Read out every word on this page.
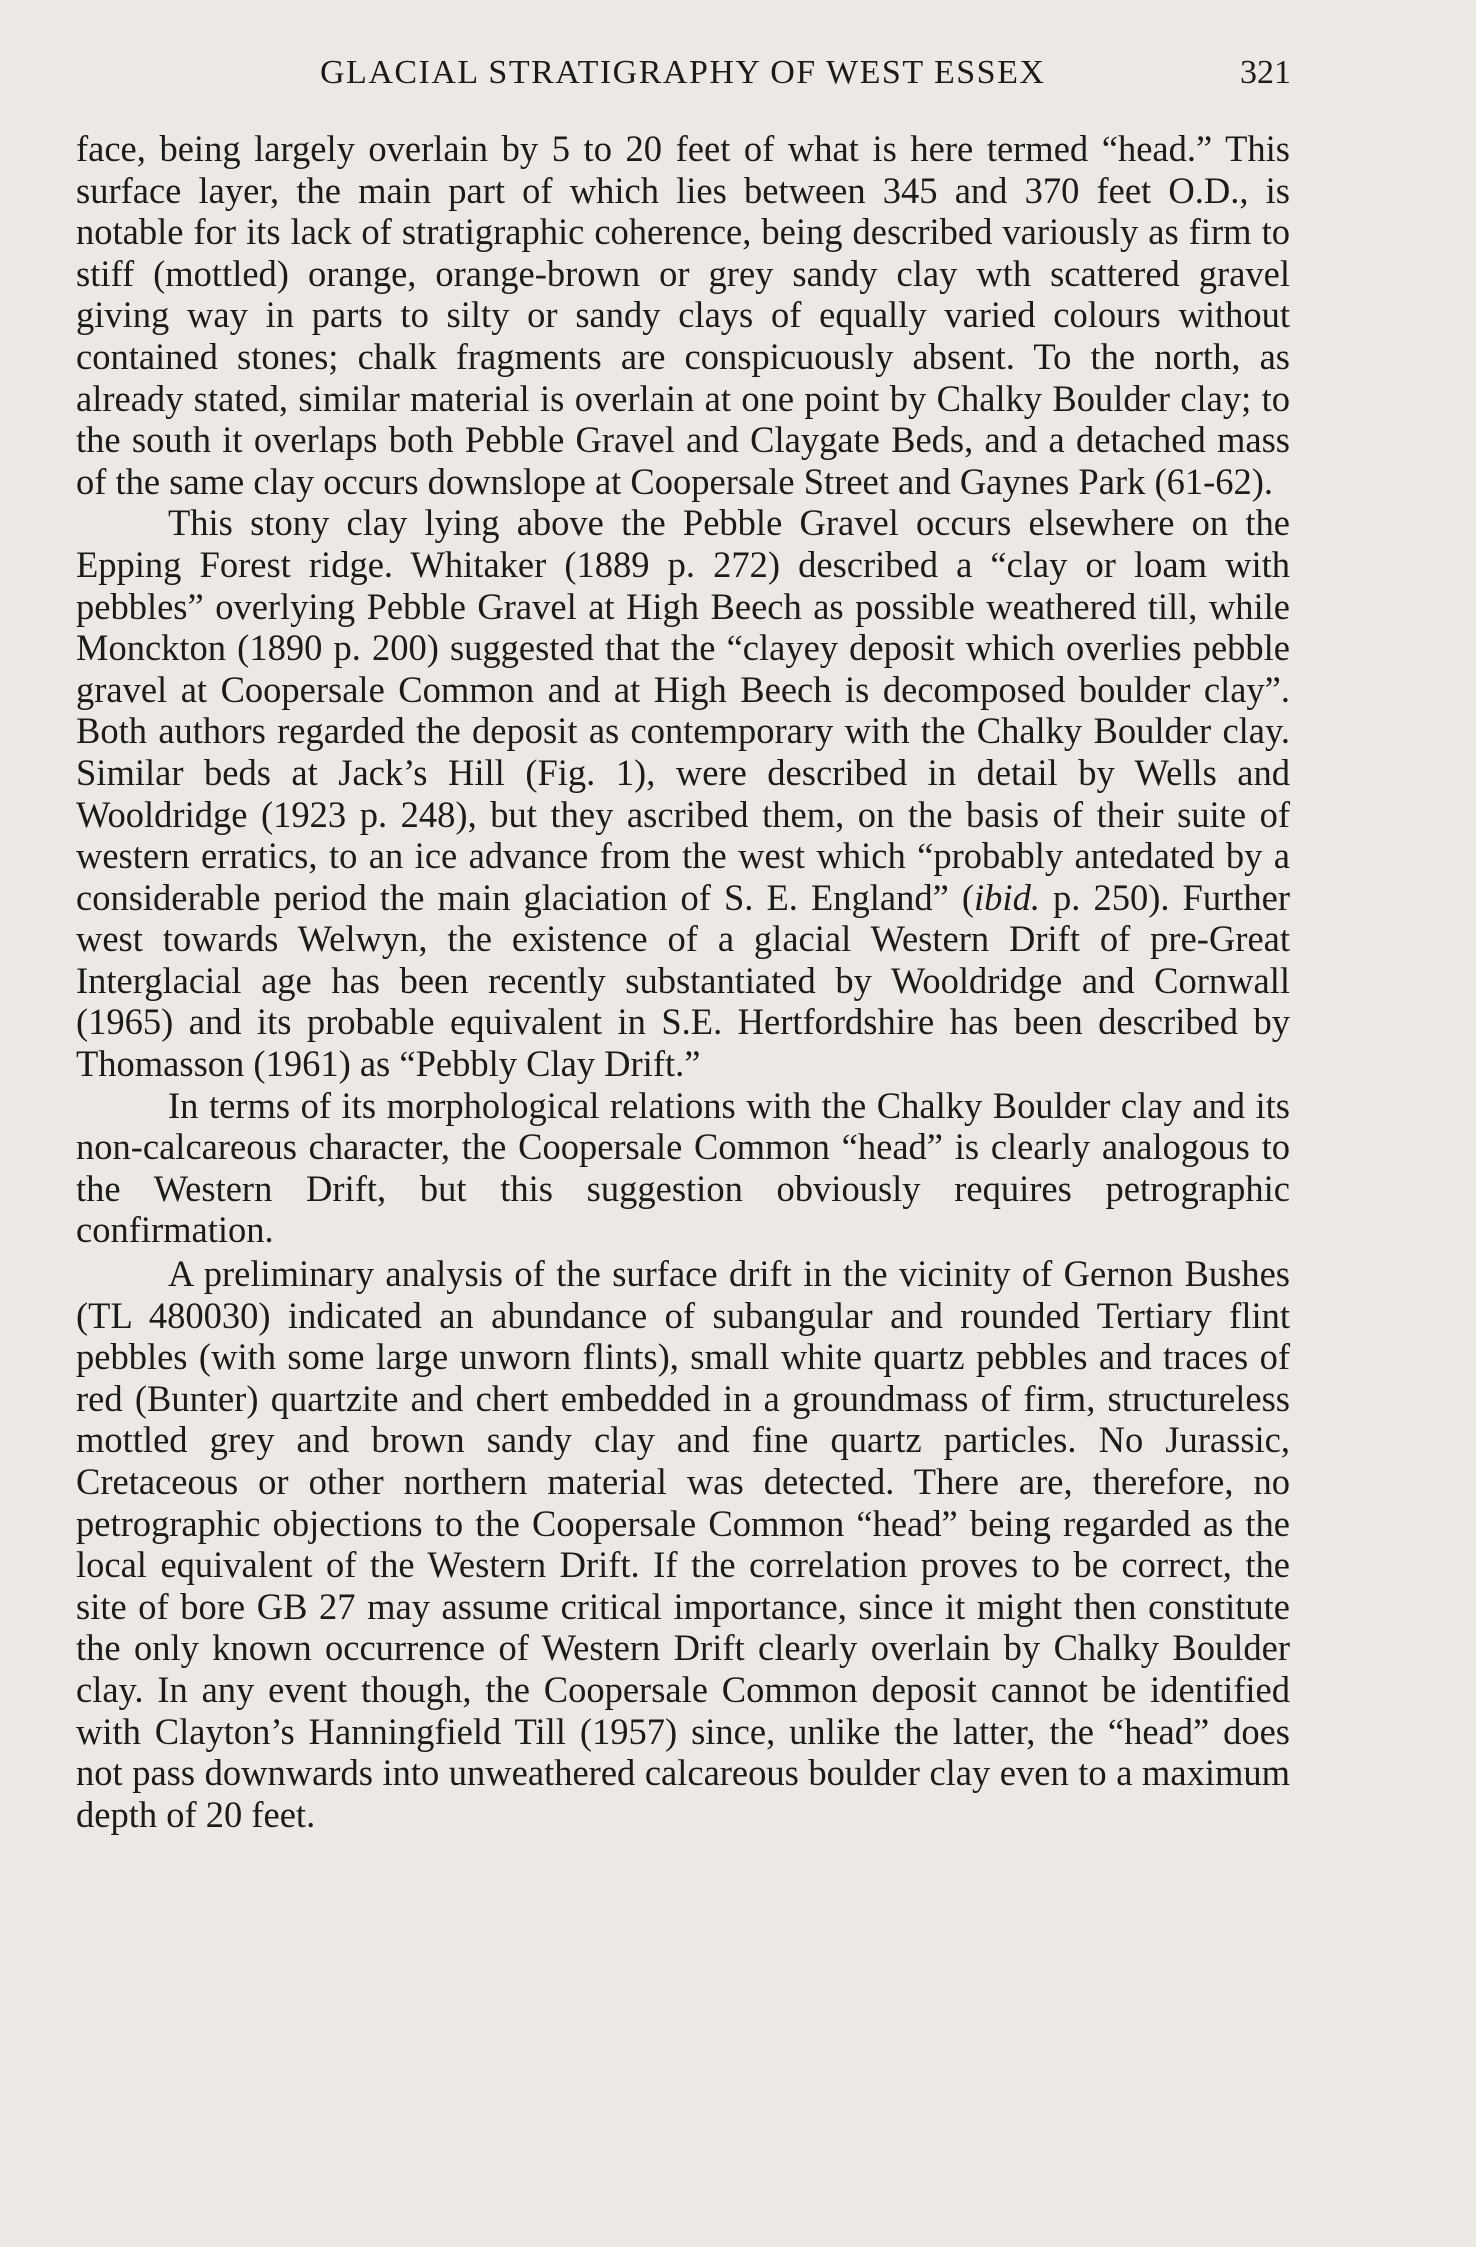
GLACIAL STRATIGRAPHY OF WEST ESSEX	321

face, being largely overlain by 5 to 20 feet of what is here termed “head.” This surface layer, the main part of which lies between 345 and 370 feet O.D., is notable for its lack of stratigraphic coherence, being described variously as firm to stiff (mottled) orange, orange-brown or grey sandy clay wth scattered gravel giving way in parts to silty or sandy clays of equally varied colours without contained stones; chalk fragments are conspicuously absent. To the north, as already stated, similar material is overlain at one point by Chalky Boulder clay; to the south it overlaps both Pebble Gravel and Claygate Beds, and a detached mass of the same clay occurs downslope at Coopersale Street and Gaynes Park (61-62).

This stony clay lying above the Pebble Gravel occurs elsewhere on the Epping Forest ridge. Whitaker (1889 p. 272) described a “clay or loam with pebbles” overlying Pebble Gravel at High Beech as possible weathered till, while Monckton (1890 p. 200) suggested that the “clayey deposit which overlies pebble gravel at Coopersale Common and at High Beech is decomposed boulder clay”. Both authors regarded the deposit as contemporary with the Chalky Boulder clay. Similar beds at Jack’s Hill (Fig. 1), were described in detail by Wells and Wooldridge (1923 p. 248), but they ascribed them, on the basis of their suite of western erratics, to an ice advance from the west which “probably antedated by a considerable period the main glaciation of S. E. England” (ibid. p. 250). Further west towards Welwyn, the existence of a glacial Western Drift of pre-Great Interglacial age has been recently substantiated by Wooldridge and Cornwall (1965) and its probable equivalent in S.E. Hertfordshire has been described by Thomasson (1961) as “Pebbly Clay Drift.”

In terms of its morphological relations with the Chalky Boulder clay and its non-calcareous character, the Coopersale Common “head” is clearly analogous to the Western Drift, but this suggestion obviously requires petrographic confirmation.

A preliminary analysis of the surface drift in the vicinity of Gernon Bushes (TL 480030) indicated an abundance of subangular and rounded Tertiary flint pebbles (with some large unworn flints), small white quartz pebbles and traces of red (Bunter) quartzite and chert embedded in a groundmass of firm, structureless mottled grey and brown sandy clay and fine quartz particles. No Jurassic, Cretaceous or other northern material was detected. There are, therefore, no petrographic objections to the Coopersale Common “head” being regarded as the local equivalent of the Western Drift. If the correlation proves to be correct, the site of bore GB 27 may assume critical importance, since it might then constitute the only known occurrence of Western Drift clearly overlain by Chalky Boulder clay. In any event though, the Coopersale Common deposit cannot be identified with Clayton’s Hanningfield Till (1957) since, unlike the latter, the “head” does not pass downwards into unweathered calcareous boulder clay even to a maximum depth of 20 feet.
